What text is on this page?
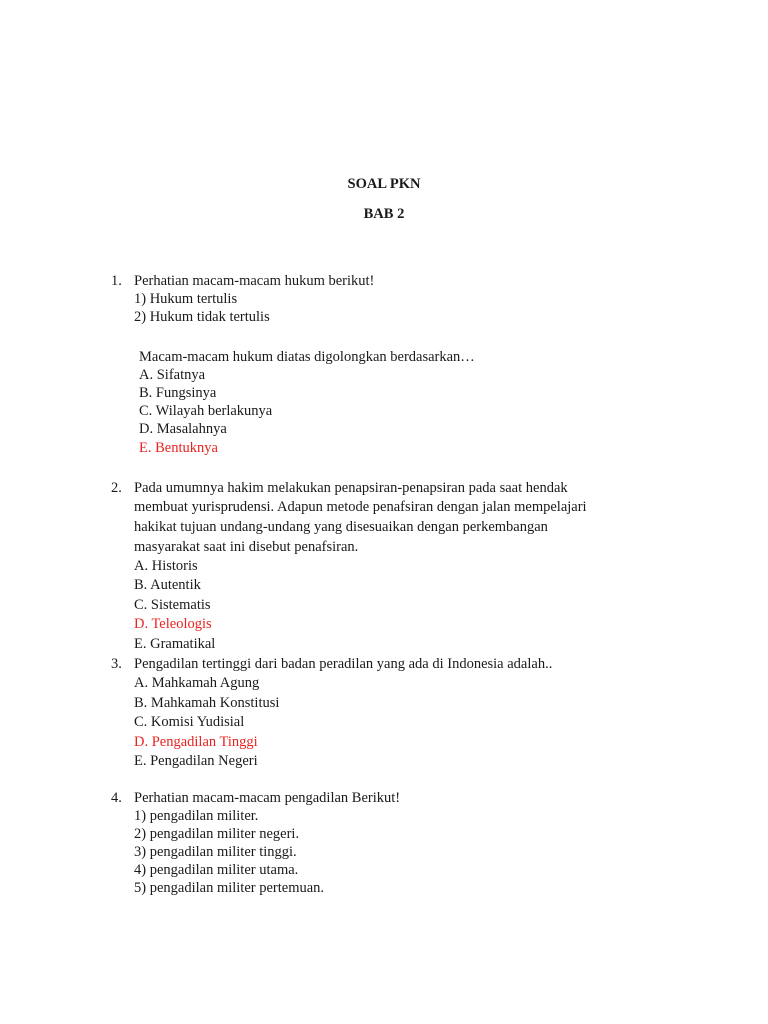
SOAL PKN
BAB 2
1. Perhatian macam-macam hukum berikut!
1) Hukum tertulis
2) Hukum tidak tertulis
Macam-macam hukum diatas digolongkan berdasarkan…
A. Sifatnya
B. Fungsinya
C. Wilayah berlakunya
D. Masalahnya
E. Bentuknya
2. Pada umumnya hakim melakukan penapsiran-penapsiran pada saat hendak
membuat yurisprudensi. Adapun metode penafsiran dengan jalan mempelajari
hakikat tujuan undang-undang yang disesuaikan dengan perkembangan
masyarakat saat ini disebut penafsiran.
A. Historis
B. Autentik
C. Sistematis
D. Teleologis
E. Gramatikal
3. Pengadilan tertinggi dari badan peradilan yang ada di Indonesia adalah..
A. Mahkamah Agung
B. Mahkamah Konstitusi
C. Komisi Yudisial
D. Pengadilan Tinggi
E. Pengadilan Negeri
4. Perhatian macam-macam pengadilan Berikut!
1) pengadilan militer.
2) pengadilan militer negeri.
3) pengadilan militer tinggi.
4) pengadilan militer utama.
5) pengadilan militer pertemuan.
